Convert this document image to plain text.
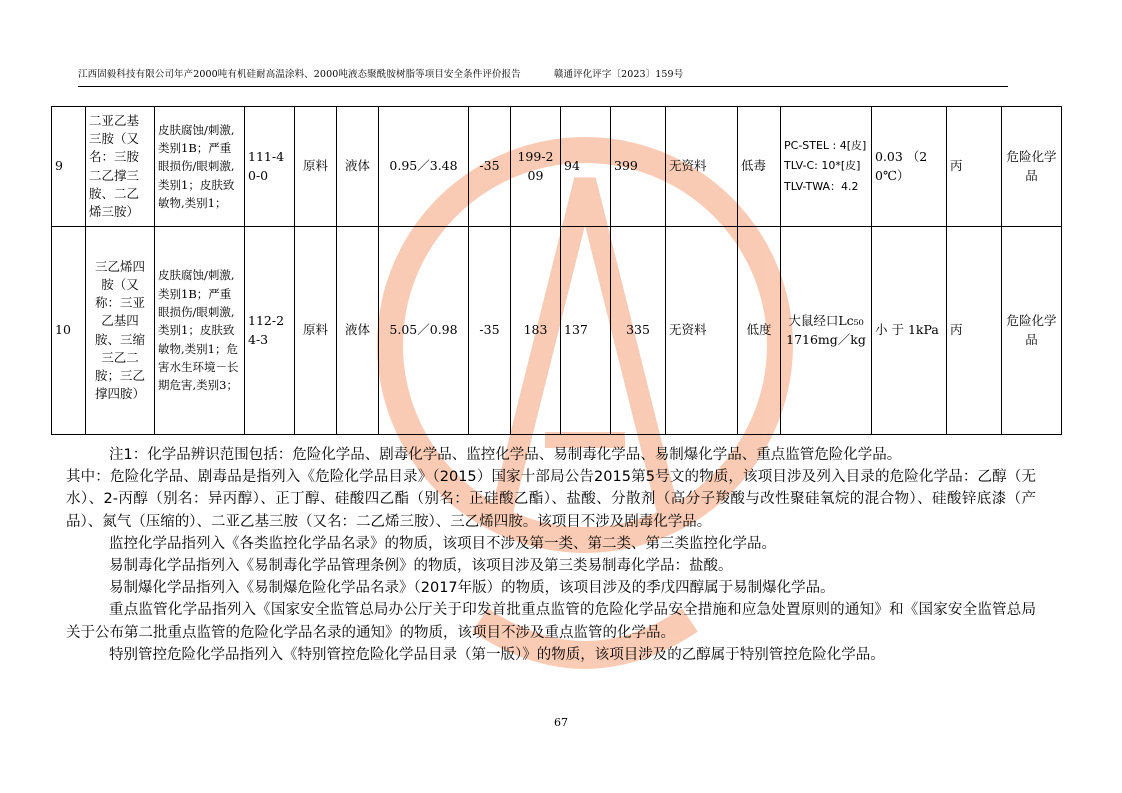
江西固毅科技有限公司年产2000吨有机硅耐高温涂料、2000吨液态聚酰胺树脂等项目安全条件评价报告	赣通评化评字〔2023〕159号
9	二亚乙基三胺（又名：三胺二乙撑三胺、二乙烯三胺）	皮肤腐蚀/刺激,类别1B；严重眼损伤/眼刺激,类别1；皮肤致敏物,类别1；	111-40-0	原料	液体	0.95／3.48	-35	199-209	94	399	无资料	低毒	PC-STEL : 4[皮] TLV-C: 10*[皮] TLV-TWA：4.2	0.03 （20℃）	丙	危险化学品
10	三乙烯四胺（又称：三亚乙基四胺、三缩三乙二胺；三乙撑四胺）	皮肤腐蚀/刺激,类别1B；严重眼损伤/眼刺激,类别1；皮肤致敏物,类别1；危害水生环境－长期危害,类别3；	112-24-3	原料	液体	5.05／0.98	-35	183	137	335	无资料	低度	大鼠经口Lc₅₀ 1716mg／kg	小 于 1kPa	丙	危险化学品

注1：化学品辨识范围包括：危险化学品、剧毒化学品、监控化学品、易制毒化学品、易制爆化学品、重点监管危险化学品。

其中：危险化学品、剧毒品是指列入《危险化学品目录》（2015）国家十部局公告2015第5号文的物质，该项目涉及列入目录的危险化学品：乙醇（无水）、2-丙醇（别名：异丙醇）、正丁醇、硅酸四乙酯（别名：正硅酸乙酯）、盐酸、分散剂（高分子羧酸与改性聚硅氧烷的混合物）、硅酸锌底漆（产品）、氮气（压缩的）、二亚乙基三胺（又名：二乙烯三胺）、三乙烯四胺。该项目不涉及剧毒化学品。

监控化学品指列入《各类监控化学品名录》的物质，该项目不涉及第一类、第二类、第三类监控化学品。

易制毒化学品指列入《易制毒化学品管理条例》的物质，该项目涉及第三类易制毒化学品：盐酸。

易制爆化学品指列入《易制爆危险化学品名录》（2017年版）的物质，该项目涉及的季戊四醇属于易制爆化学品。

重点监管化学品指列入《国家安全监管总局办公厅关于印发首批重点监管的危险化学品安全措施和应急处置原则的通知》和《国家安全监管总局关于公布第二批重点监管的危险化学品名录的通知》的物质，该项目不涉及重点监管的化学品。

特别管控危险化学品指列入《特别管控危险化学品目录（第一版）》的物质，该项目涉及的乙醇属于特别管控危险化学品。

67
